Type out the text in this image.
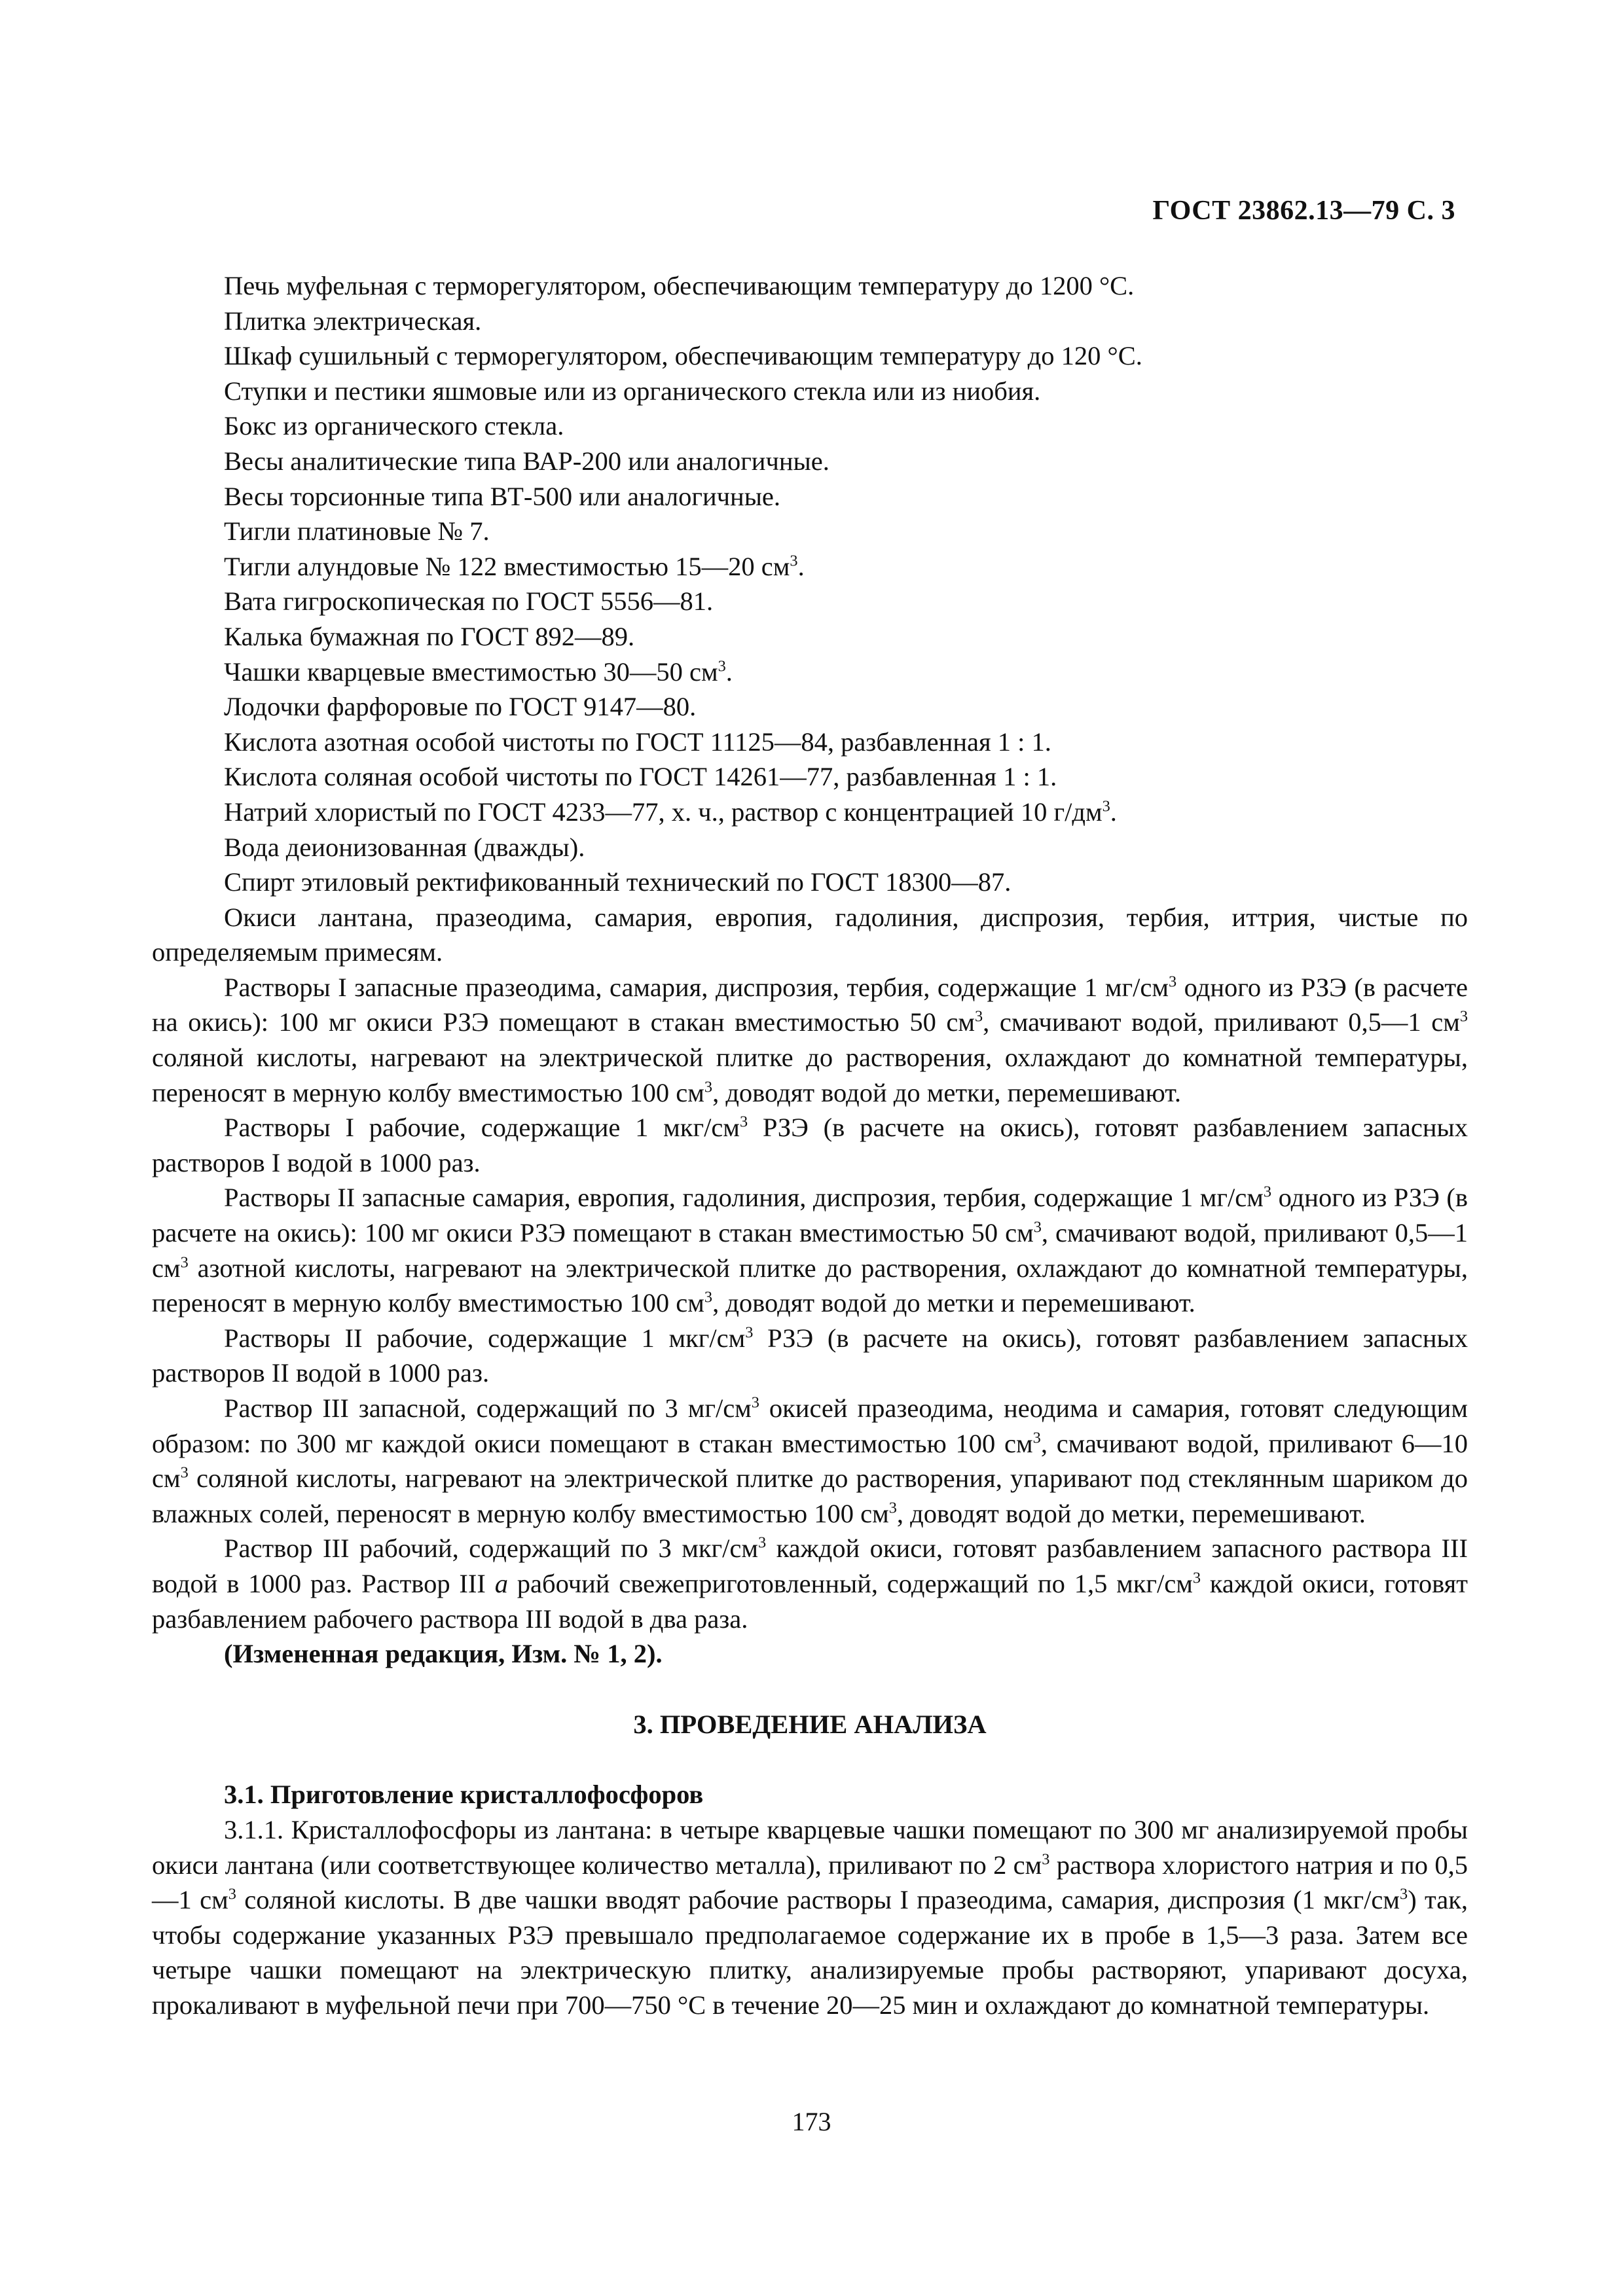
ГОСТ 23862.13—79 С. 3

Печь муфельная с терморегулятором, обеспечивающим температуру до 1200 °С.

Плитка электрическая.

Шкаф сушильный с терморегулятором, обеспечивающим температуру до 120 °С.

Ступки и пестики яшмовые или из органического стекла или из ниобия.

Бокс из органического стекла.

Весы аналитические типа ВАР-200 или аналогичные.

Весы торсионные типа ВТ-500 или аналогичные.

Тигли платиновые № 7.

Тигли алундовые № 122 вместимостью 15—20 $см^3$.

Вата гигроскопическая по ГОСТ 5556—81.

Калька бумажная по ГОСТ 892—89.

Чашки кварцевые вместимостью 30—50 $см^3$.

Лодочки фарфоровые по ГОСТ 9147—80.

Кислота азотная особой чистоты по ГОСТ 11125—84, разбавленная 1 : 1.

Кислота соляная особой чистоты по ГОСТ 14261—77, разбавленная 1 : 1.

Натрий хлористый по ГОСТ 4233—77, х. ч., раствор с концентрацией 10 $г/дм^3$.

Вода деионизованная (дважды).

Спирт этиловый ректификованный технический по ГОСТ 18300—87.

Окиси лантана, празеодима, самария, европия, гадолиния, диспрозия, тербия, иттрия, чистые по определяемым примесям.

Растворы I запасные празеодима, самария, диспрозия, тербия, содержащие 1 $мг/см^3$ одного из РЗЭ (в расчете на окись): 100 мг окиси РЗЭ помещают в стакан вместимостью 50 $см^3$, смачивают водой, приливают 0,5—1 $см^3$ соляной кислоты, нагревают на электрической плитке до растворения, охлаждают до комнатной температуры, переносят в мерную колбу вместимостью 100 $см^3$, доводят водой до метки, перемешивают.

Растворы I рабочие, содержащие 1 мкг/$см^3$ РЗЭ (в расчете на окись), готовят разбавлением запасных растворов I водой в 1000 раз.

Растворы II запасные самария, европия, гадолиния, диспрозия, тербия, содержащие 1 $мг/см^3$ одного из РЗЭ (в расчете на окись): 100 мг окиси РЗЭ помещают в стакан вместимостью 50 $см^3$, смачивают водой, приливают 0,5—1 $см^3$ азотной кислоты, нагревают на электрической плитке до растворения, охлаждают до комнатной температуры, переносят в мерную колбу вместимостью 100 $см^3$, доводят водой до метки и перемешивают.

Растворы II рабочие, содержащие 1 мкг/$см^3$ РЗЭ (в расчете на окись), готовят разбавлением запасных растворов II водой в 1000 раз.

Раствор III запасной, содержащий по 3 $мг/см^3$ окисей празеодима, неодима и самария, готовят следующим образом: по 300 мг каждой окиси помещают в стакан вместимостью 100 $см^3$, смачивают водой, приливают 6—10 $см^3$ соляной кислоты, нагревают на электрической плитке до растворения, упаривают под стеклянным шариком до влажных солей, переносят в мерную колбу вместимостью 100 $см^3$, доводят водой до метки, перемешивают.

Раствор III рабочий, содержащий по 3 мкг/$см^3$ каждой окиси, готовят разбавлением запасного раствора III водой в 1000 раз. Раствор III а рабочий свежеприготовленный, содержащий по 1,5 мкг/$см^3$ каждой окиси, готовят разбавлением рабочего раствора III водой в два раза.

(Измененная редакция, Изм. № 1, 2).

3. ПРОВЕДЕНИЕ АНАЛИЗА

3.1. Приготовление кристаллофосфоров

3.1.1. Кристаллофосфоры из лантана: в четыре кварцевые чашки помещают по 300 мг анализируемой пробы окиси лантана (или соответствующее количество металла), приливают по 2 $см^3$ раствора хлористого натрия и по 0,5—1 $см^3$ соляной кислоты. В две чашки вводят рабочие растворы I празеодима, самария, диспрозия (1 мкг/$см^3$) так, чтобы содержание указанных РЗЭ превышало предполагаемое содержание их в пробе в 1,5—3 раза. Затем все четыре чашки помещают на электрическую плитку, анализируемые пробы растворяют, упаривают досуха, прокаливают в муфельной печи при 700—750 °С в течение 20—25 мин и охлаждают до комнатной температуры.

173
